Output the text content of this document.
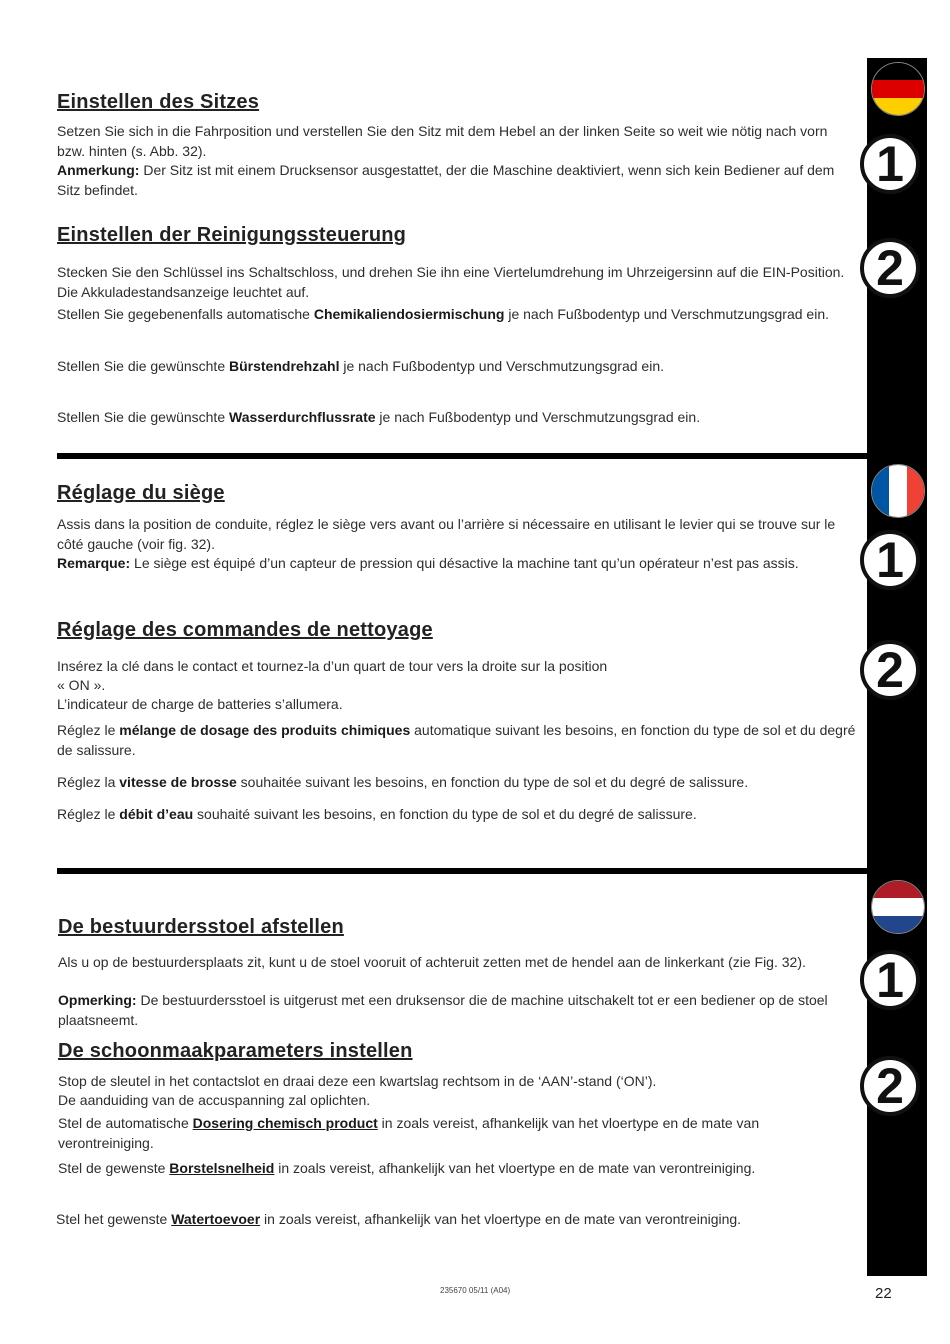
1
2
1
2
1
2
Einstellen des Sitzes

Setzen Sie sich in die Fahrposition und verstellen Sie den Sitz mit dem Hebel an der linken Seite so weit wie nötig nach vorn bzw. hinten (s. Abb. 32).

Anmerkung: Der Sitz ist mit einem Drucksensor ausgestattet, der die Maschine deaktiviert, wenn sich kein Bediener auf dem Sitz befindet.

Einstellen der Reinigungssteuerung

Stecken Sie den Schlüssel ins Schaltschloss, und drehen Sie ihn eine Viertelumdrehung im Uhrzeigersinn auf die EIN-Position. Die Akkuladestandsanzeige leuchtet auf.

Stellen Sie gegebenenfalls automatische Chemikaliendosiermischung je nach Fußbodentyp und Verschmutzungsgrad ein.

Stellen Sie die gewünschte Bürstendrehzahl je nach Fußbodentyp und Verschmutzungsgrad ein.

Stellen Sie die gewünschte Wasserdurchflussrate je nach Fußbodentyp und Verschmutzungsgrad ein.

Réglage du siège

Assis dans la position de conduite, réglez le siège vers avant ou l’arrière si nécessaire en utilisant le levier qui se trouve sur le côté gauche (voir fig. 32).

Remarque: Le siège est équipé d’un capteur de pression qui désactive la machine tant qu’un opérateur n’est pas assis.

Réglage des commandes de nettoyage

Insérez la clé dans le contact et tournez-la d’un quart de tour vers la droite sur la position

« ON ».

L’indicateur de charge de batteries s’allumera.

Réglez le mélange de dosage des produits chimiques automatique suivant les besoins, en fonction du type de sol et du degré de salissure.

Réglez la vitesse de brosse souhaitée suivant les besoins, en fonction du type de sol et du degré de salissure.

Réglez le débit d’eau souhaité suivant les besoins, en fonction du type de sol et du degré de salissure.

De bestuurdersstoel afstellen

Als u op de bestuurdersplaats zit, kunt u de stoel vooruit of achteruit zetten met de hendel aan de linkerkant (zie Fig. 32).

Opmerking: De bestuurdersstoel is uitgerust met een druksensor die de machine uitschakelt tot er een bediener op de stoel plaatsneemt.

De schoonmaakparameters instellen

Stop de sleutel in het contactslot en draai deze een kwartslag rechtsom in de ‘AAN’-stand (‘ON’).

De aanduiding van de accuspanning zal oplichten.

Stel de automatische Dosering chemisch product in zoals vereist, afhankelijk van het vloertype en de mate van verontreiniging.

Stel de gewenste Borstelsnelheid in zoals vereist, afhankelijk van het vloertype en de mate van verontreiniging.

Stel het gewenste Watertoevoer in zoals vereist, afhankelijk van het vloertype en de mate van verontreiniging.

235670 05/11 (A04)	22
